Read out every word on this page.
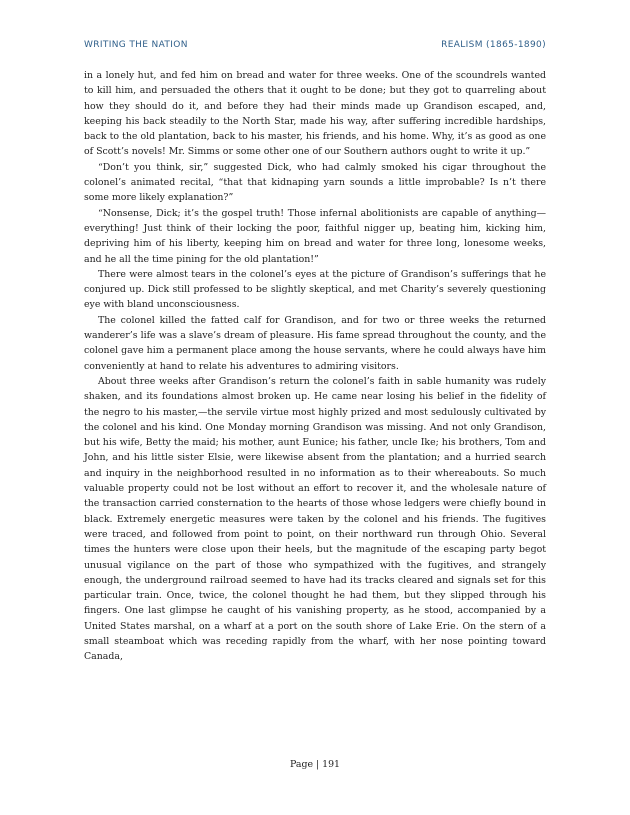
WRITING THE NATION	REALISM (1865-1890)

in a lonely hut, and fed him on bread and water for three weeks. One of the scoundrels wanted to kill him, and persuaded the others that it ought to be done; but they got to quarreling about how they should do it, and before they had their minds made up Grandison escaped, and, keeping his back steadily to the North Star, made his way, after suffering incredible hardships, back to the old plantation, back to his master, his friends, and his home. Why, it’s as good as one of Scott’s novels! Mr. Simms or some other one of our Southern authors ought to write it up.”

“Don’t you think, sir,” suggested Dick, who had calmly smoked his cigar throughout the colonel’s animated recital, “that that kidnaping yarn sounds a little improbable? Is n’t there some more likely explanation?”

“Nonsense, Dick; it’s the gospel truth! Those infernal abolitionists are capable of anything—everything! Just think of their locking the poor, faithful nigger up, beating him, kicking him, depriving him of his liberty, keeping him on bread and water for three long, lonesome weeks, and he all the time pining for the old plantation!”

There were almost tears in the colonel’s eyes at the picture of Grandison’s sufferings that he conjured up. Dick still professed to be slightly skeptical, and met Charity’s severely questioning eye with bland unconsciousness.

The colonel killed the fatted calf for Grandison, and for two or three weeks the returned wanderer’s life was a slave’s dream of pleasure. His fame spread throughout the county, and the colonel gave him a permanent place among the house servants, where he could always have him conveniently at hand to relate his adventures to admiring visitors.

About three weeks after Grandison’s return the colonel’s faith in sable humanity was rudely shaken, and its foundations almost broken up. He came near losing his belief in the fidelity of the negro to his master,—the servile virtue most highly prized and most sedulously cultivated by the colonel and his kind. One Monday morning Grandison was missing. And not only Grandison, but his wife, Betty the maid; his mother, aunt Eunice; his father, uncle Ike; his brothers, Tom and John, and his little sister Elsie, were likewise absent from the plantation; and a hurried search and inquiry in the neighborhood resulted in no information as to their whereabouts. So much valuable property could not be lost without an effort to recover it, and the wholesale nature of the transaction carried consternation to the hearts of those whose ledgers were chiefly bound in black. Extremely energetic measures were taken by the colonel and his friends. The fugitives were traced, and followed from point to point, on their northward run through Ohio. Several times the hunters were close upon their heels, but the magnitude of the escaping party begot unusual vigilance on the part of those who sympathized with the fugitives, and strangely enough, the underground railroad seemed to have had its tracks cleared and signals set for this particular train. Once, twice, the colonel thought he had them, but they slipped through his fingers. One last glimpse he caught of his vanishing property, as he stood, accompanied by a United States marshal, on a wharf at a port on the south shore of Lake Erie. On the stern of a small steamboat which was receding rapidly from the wharf, with her nose pointing toward Canada,

Page | 191
